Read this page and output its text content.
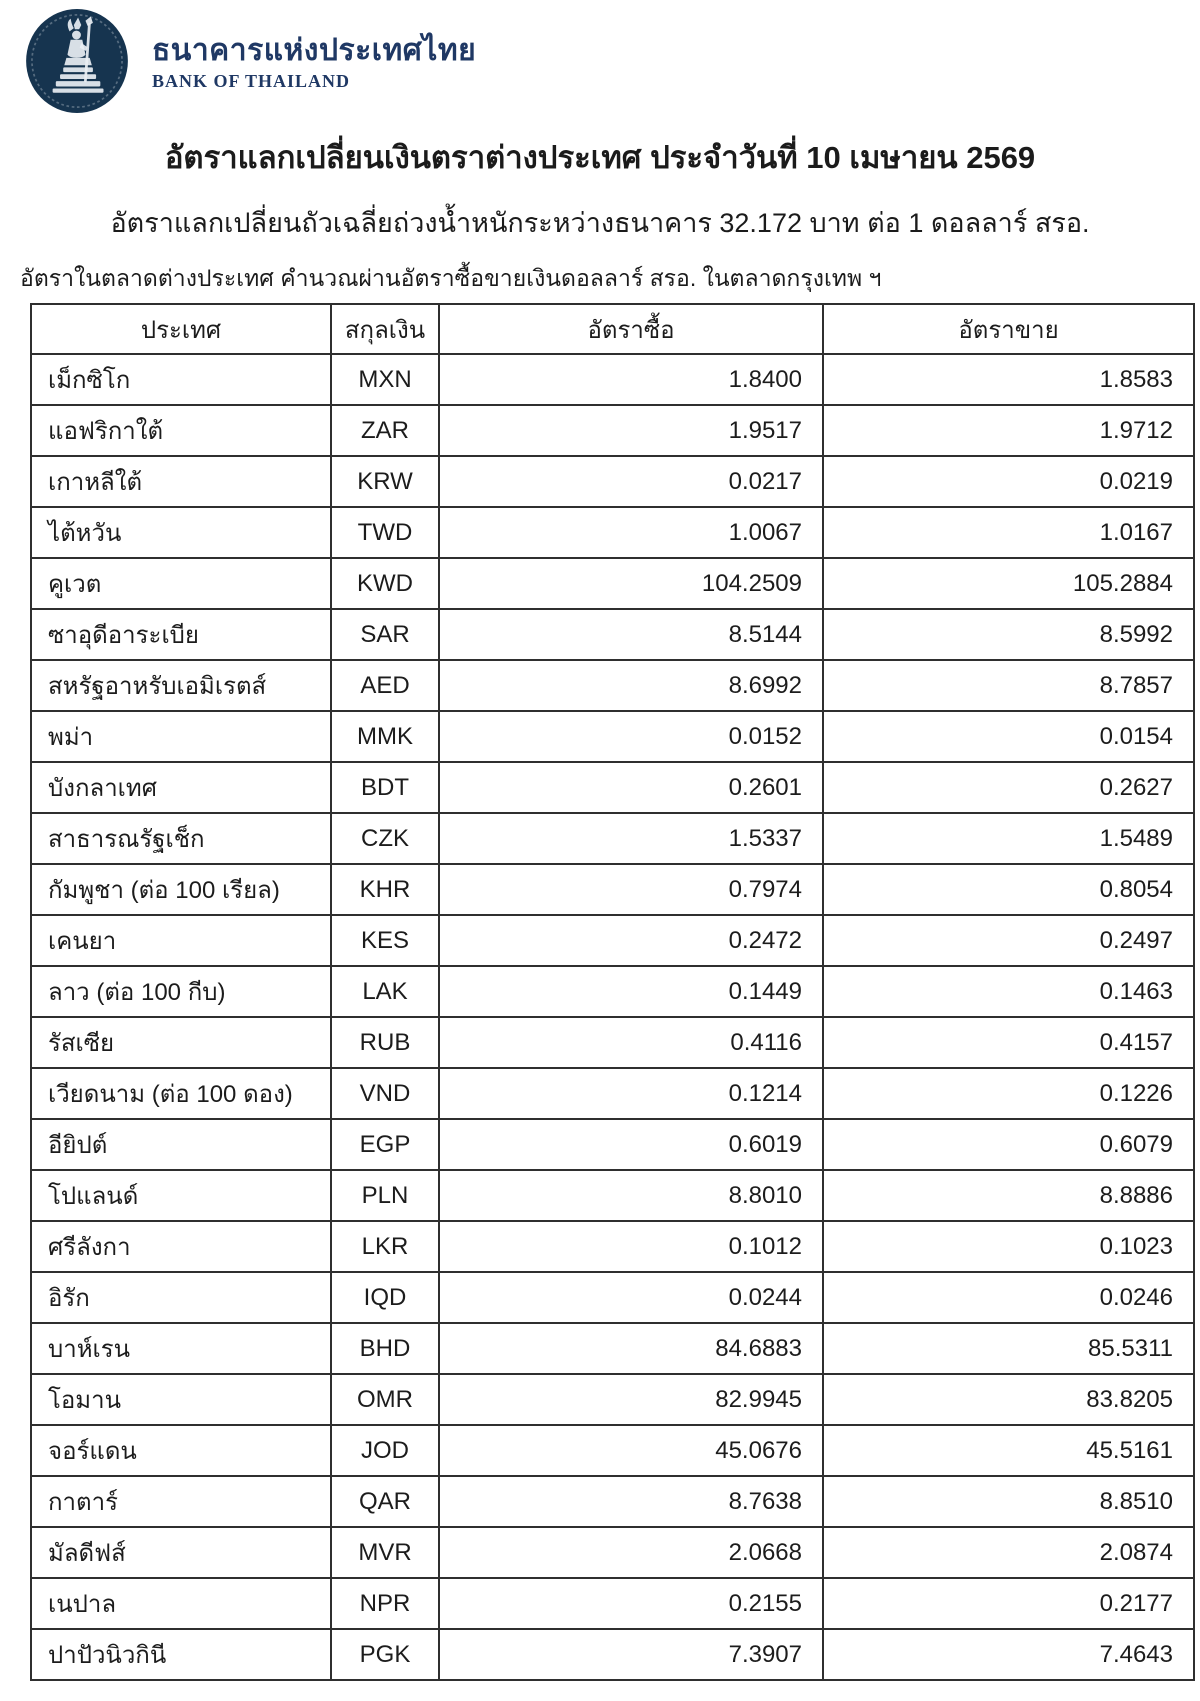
ธนาคารแห่งประเทศไทย
BANK OF THAILAND
อัตราแลกเปลี่ยนเงินตราต่างประเทศ ประจำวันที่ 10 เมษายน 2569
อัตราแลกเปลี่ยนถัวเฉลี่ยถ่วงน้ำหนักระหว่างธนาคาร 32.172 บาท ต่อ 1 ดอลลาร์ สรอ.
อัตราในตลาดต่างประเทศ คำนวณผ่านอัตราซื้อขายเงินดอลลาร์ สรอ. ในตลาดกรุงเทพ ฯ
ประเทศ	สกุลเงิน	อัตราซื้อ	อัตราขาย
เม็กซิโก	MXN	1.8400	1.8583
แอฟริกาใต้	ZAR	1.9517	1.9712
เกาหลีใต้	KRW	0.0217	0.0219
ไต้หวัน	TWD	1.0067	1.0167
คูเวต	KWD	104.2509	105.2884
ซาอุดีอาระเบีย	SAR	8.5144	8.5992
สหรัฐอาหรับเอมิเรตส์	AED	8.6992	8.7857
พม่า	MMK	0.0152	0.0154
บังกลาเทศ	BDT	0.2601	0.2627
สาธารณรัฐเช็ก	CZK	1.5337	1.5489
กัมพูชา (ต่อ 100 เรียล)	KHR	0.7974	0.8054
เคนยา	KES	0.2472	0.2497
ลาว (ต่อ 100 กีบ)	LAK	0.1449	0.1463
รัสเซีย	RUB	0.4116	0.4157
เวียดนาม (ต่อ 100 ดอง)	VND	0.1214	0.1226
อียิปต์	EGP	0.6019	0.6079
โปแลนด์	PLN	8.8010	8.8886
ศรีลังกา	LKR	0.1012	0.1023
อิรัก	IQD	0.0244	0.0246
บาห์เรน	BHD	84.6883	85.5311
โอมาน	OMR	82.9945	83.8205
จอร์แดน	JOD	45.0676	45.5161
กาตาร์	QAR	8.7638	8.8510
มัลดีฟส์	MVR	2.0668	2.0874
เนปาล	NPR	0.2155	0.2177
ปาปัวนิวกินี	PGK	7.3907	7.4643
